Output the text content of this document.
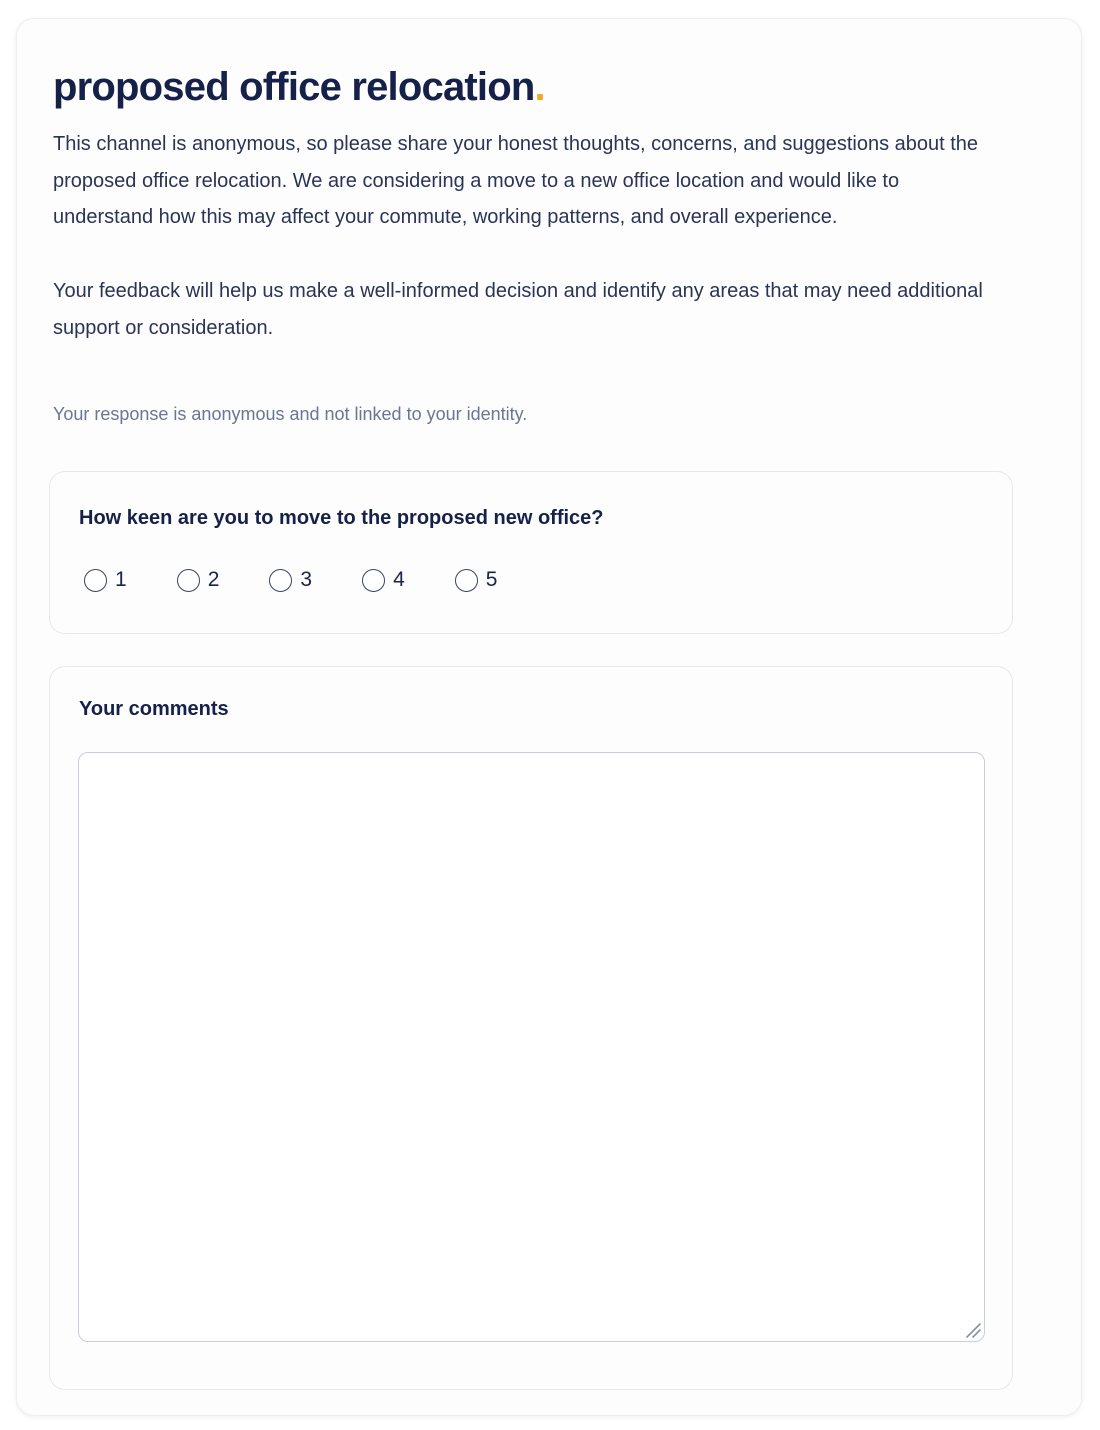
proposed office relocation.

This channel is anonymous, so please share your honest thoughts, concerns, and suggestions about the proposed office relocation. We are considering a move to a new office location and would like to understand how this may affect your commute, working patterns, and overall experience.

Your feedback will help us make a well-informed decision and identify any areas that may need additional support or consideration.

Your response is anonymous and not linked to your identity.
How keen are you to move to the proposed new office?
1	2	3	4	5
Your comments
